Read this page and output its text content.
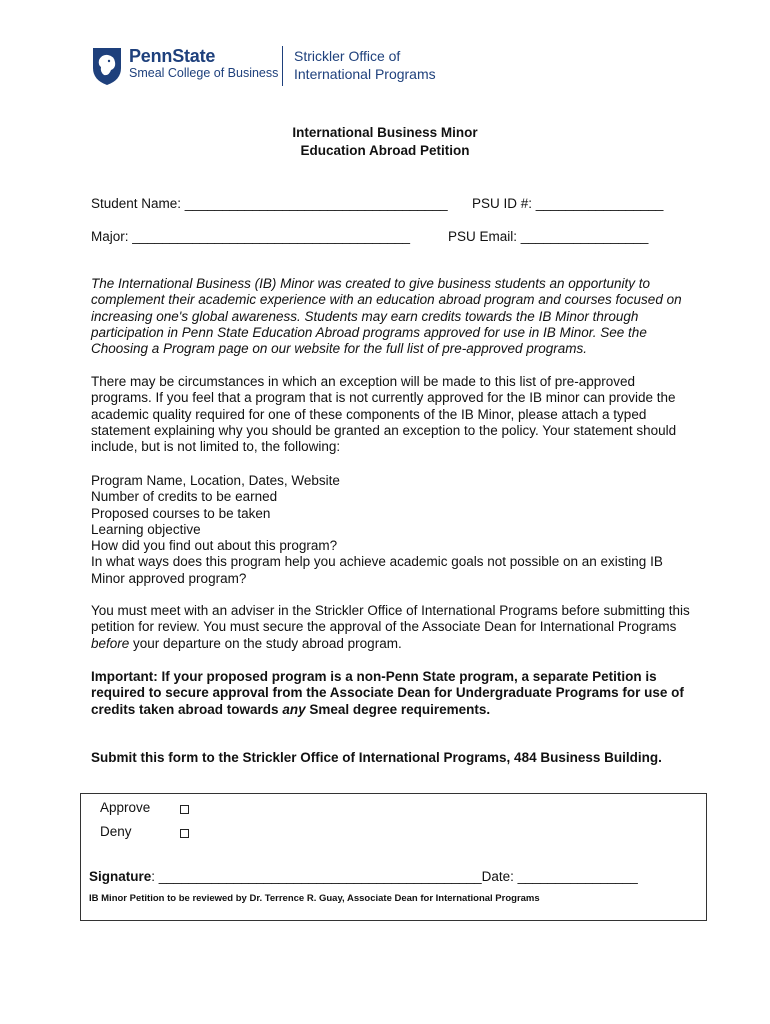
PennState
Smeal College of Business
Strickler Office of
International Programs
International Business Minor
Education Abroad Petition
Student Name: ___________________________________ PSU ID #: _________________
Major: _____________________________________	PSU Email: _________________

The International Business (IB) Minor was created to give business students an opportunity to complement their academic experience with an education abroad program and courses focused on increasing one's global awareness. Students may earn credits towards the IB Minor through participation in Penn State Education Abroad programs approved for use in IB Minor. See the Choosing a Program page on our website for the full list of pre-approved programs.

There may be circumstances in which an exception will be made to this list of pre-approved programs. If you feel that a program that is not currently approved for the IB minor can provide the academic quality required for one of these components of the IB Minor, please attach a typed statement explaining why you should be granted an exception to the policy. Your statement should include, but is not limited to, the following:

Program Name, Location, Dates, Website
Number of credits to be earned
Proposed courses to be taken
Learning objective
How did you find out about this program?
In what ways does this program help you achieve academic goals not possible on an existing IB Minor approved program?

You must meet with an adviser in the Strickler Office of International Programs before submitting this petition for review. You must secure the approval of the Associate Dean for International Programs before your departure on the study abroad program.

Important: If your proposed program is a non-Penn State program, a separate Petition is required to secure approval from the Associate Dean for Undergraduate Programs for use of credits taken abroad towards any Smeal degree requirements.

Submit this form to the Strickler Office of International Programs, 484 Business Building.

Approve
Deny
Signature: ___________________________________________Date: ________________
IB Minor Petition to be reviewed by Dr. Terrence R. Guay, Associate Dean for International Programs
